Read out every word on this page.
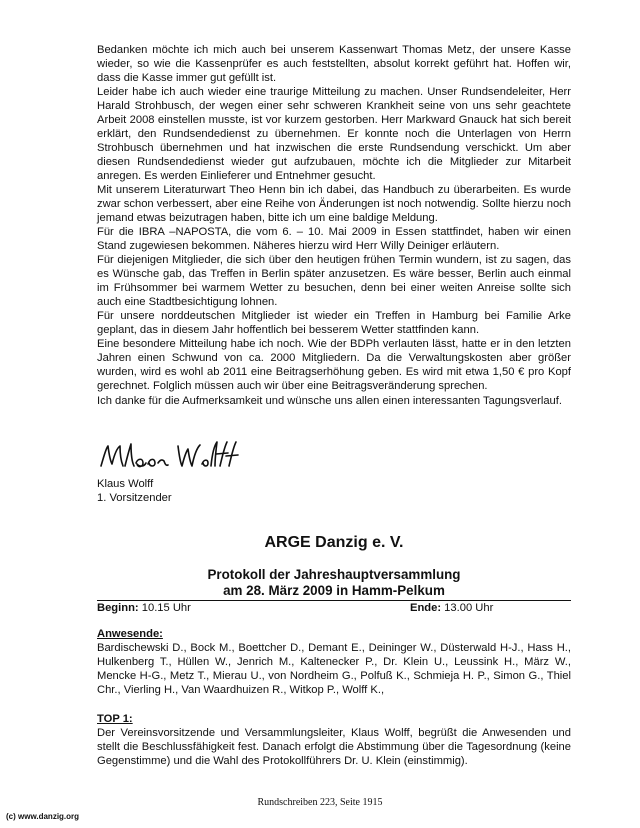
Bedanken möchte ich mich auch bei unserem Kassenwart Thomas Metz, der unsere Kasse wieder, so wie die Kassenprüfer es auch feststellten, absolut korrekt geführt hat. Hoffen wir, dass die Kasse immer gut gefüllt ist.

Leider habe ich auch wieder eine traurige Mitteilung zu machen. Unser Rundsendeleiter, Herr Harald Strohbusch, der wegen einer sehr schweren Krankheit seine von uns sehr geachtete Arbeit 2008 einstellen musste, ist vor kurzem gestorben. Herr Markward Gnauck hat sich bereit erklärt, den Rundsendedienst zu übernehmen. Er konnte noch die Unterlagen von Herrn Strohbusch übernehmen und hat inzwischen die erste Rundsendung verschickt. Um aber diesen Rundsendedienst wieder gut aufzubauen, möchte ich die Mitglieder zur Mitarbeit anregen. Es werden Einlieferer und Entnehmer gesucht.

Mit unserem Literaturwart Theo Henn bin ich dabei, das Handbuch zu überarbeiten. Es wurde zwar schon verbessert, aber eine Reihe von Änderungen ist noch notwendig. Sollte hierzu noch jemand etwas beizutragen haben, bitte ich um eine baldige Meldung.

Für die IBRA –NAPOSTA, die vom 6. – 10. Mai 2009 in Essen stattfindet, haben wir einen Stand zugewiesen bekommen. Näheres hierzu wird Herr Willy Deiniger erläutern.

Für diejenigen Mitglieder, die sich über den heutigen frühen Termin wundern, ist zu sagen, das es Wünsche gab, das Treffen in Berlin später anzusetzen. Es wäre besser, Berlin auch einmal im Frühsommer bei warmem Wetter zu besuchen, denn bei einer weiten Anreise sollte sich auch eine Stadtbesichtigung lohnen.

Für unsere norddeutschen Mitglieder ist wieder ein Treffen in Hamburg bei Familie Arke geplant, das in diesem Jahr hoffentlich bei besserem Wetter stattfinden kann.

Eine besondere Mitteilung habe ich noch. Wie der BDPh verlauten lässt, hatte er in den letzten Jahren einen Schwund von ca. 2000 Mitgliedern. Da die Verwaltungskosten aber größer wurden, wird es wohl ab 2011 eine Beitragserhöhung geben. Es wird mit etwa 1,50 € pro Kopf gerechnet. Folglich müssen auch wir über eine Beitragsveränderung sprechen.

Ich danke für die Aufmerksamkeit und wünsche uns allen einen interessanten Tagungsverlauf.
Klaus Wolff
Klaus Wolff
1. Vorsitzender
ARGE Danzig e. V.
Protokoll der Jahreshauptversammlung
am 28. März 2009 in Hamm-Pelkum
Beginn: 10.15 Uhr	Ende: 13.00 Uhr
Anwesende:
Bardischewski D., Bock M., Boettcher D., Demant E., Deininger W., Düsterwald H-J., Hass H., Hulkenberg T., Hüllen W., Jenrich M., Kaltenecker P., Dr. Klein U., Leussink H., März W., Mencke H-G., Metz T., Mierau U., von Nordheim G., Polfuß K., Schmieja H. P., Simon G., Thiel Chr., Vierling H., Van Waardhuizen R., Witkop P., Wolff K.,
TOP 1:
Der Vereinsvorsitzende und Versammlungsleiter, Klaus Wolff, begrüßt die Anwesenden und stellt die Beschlussfähigkeit fest. Danach erfolgt die Abstimmung über die Tagesordnung (keine Gegenstimme) und die Wahl des Protokollführers Dr. U. Klein (einstimmig).
Rundschreiben 223, Seite 1915
(c) www.danzig.org
